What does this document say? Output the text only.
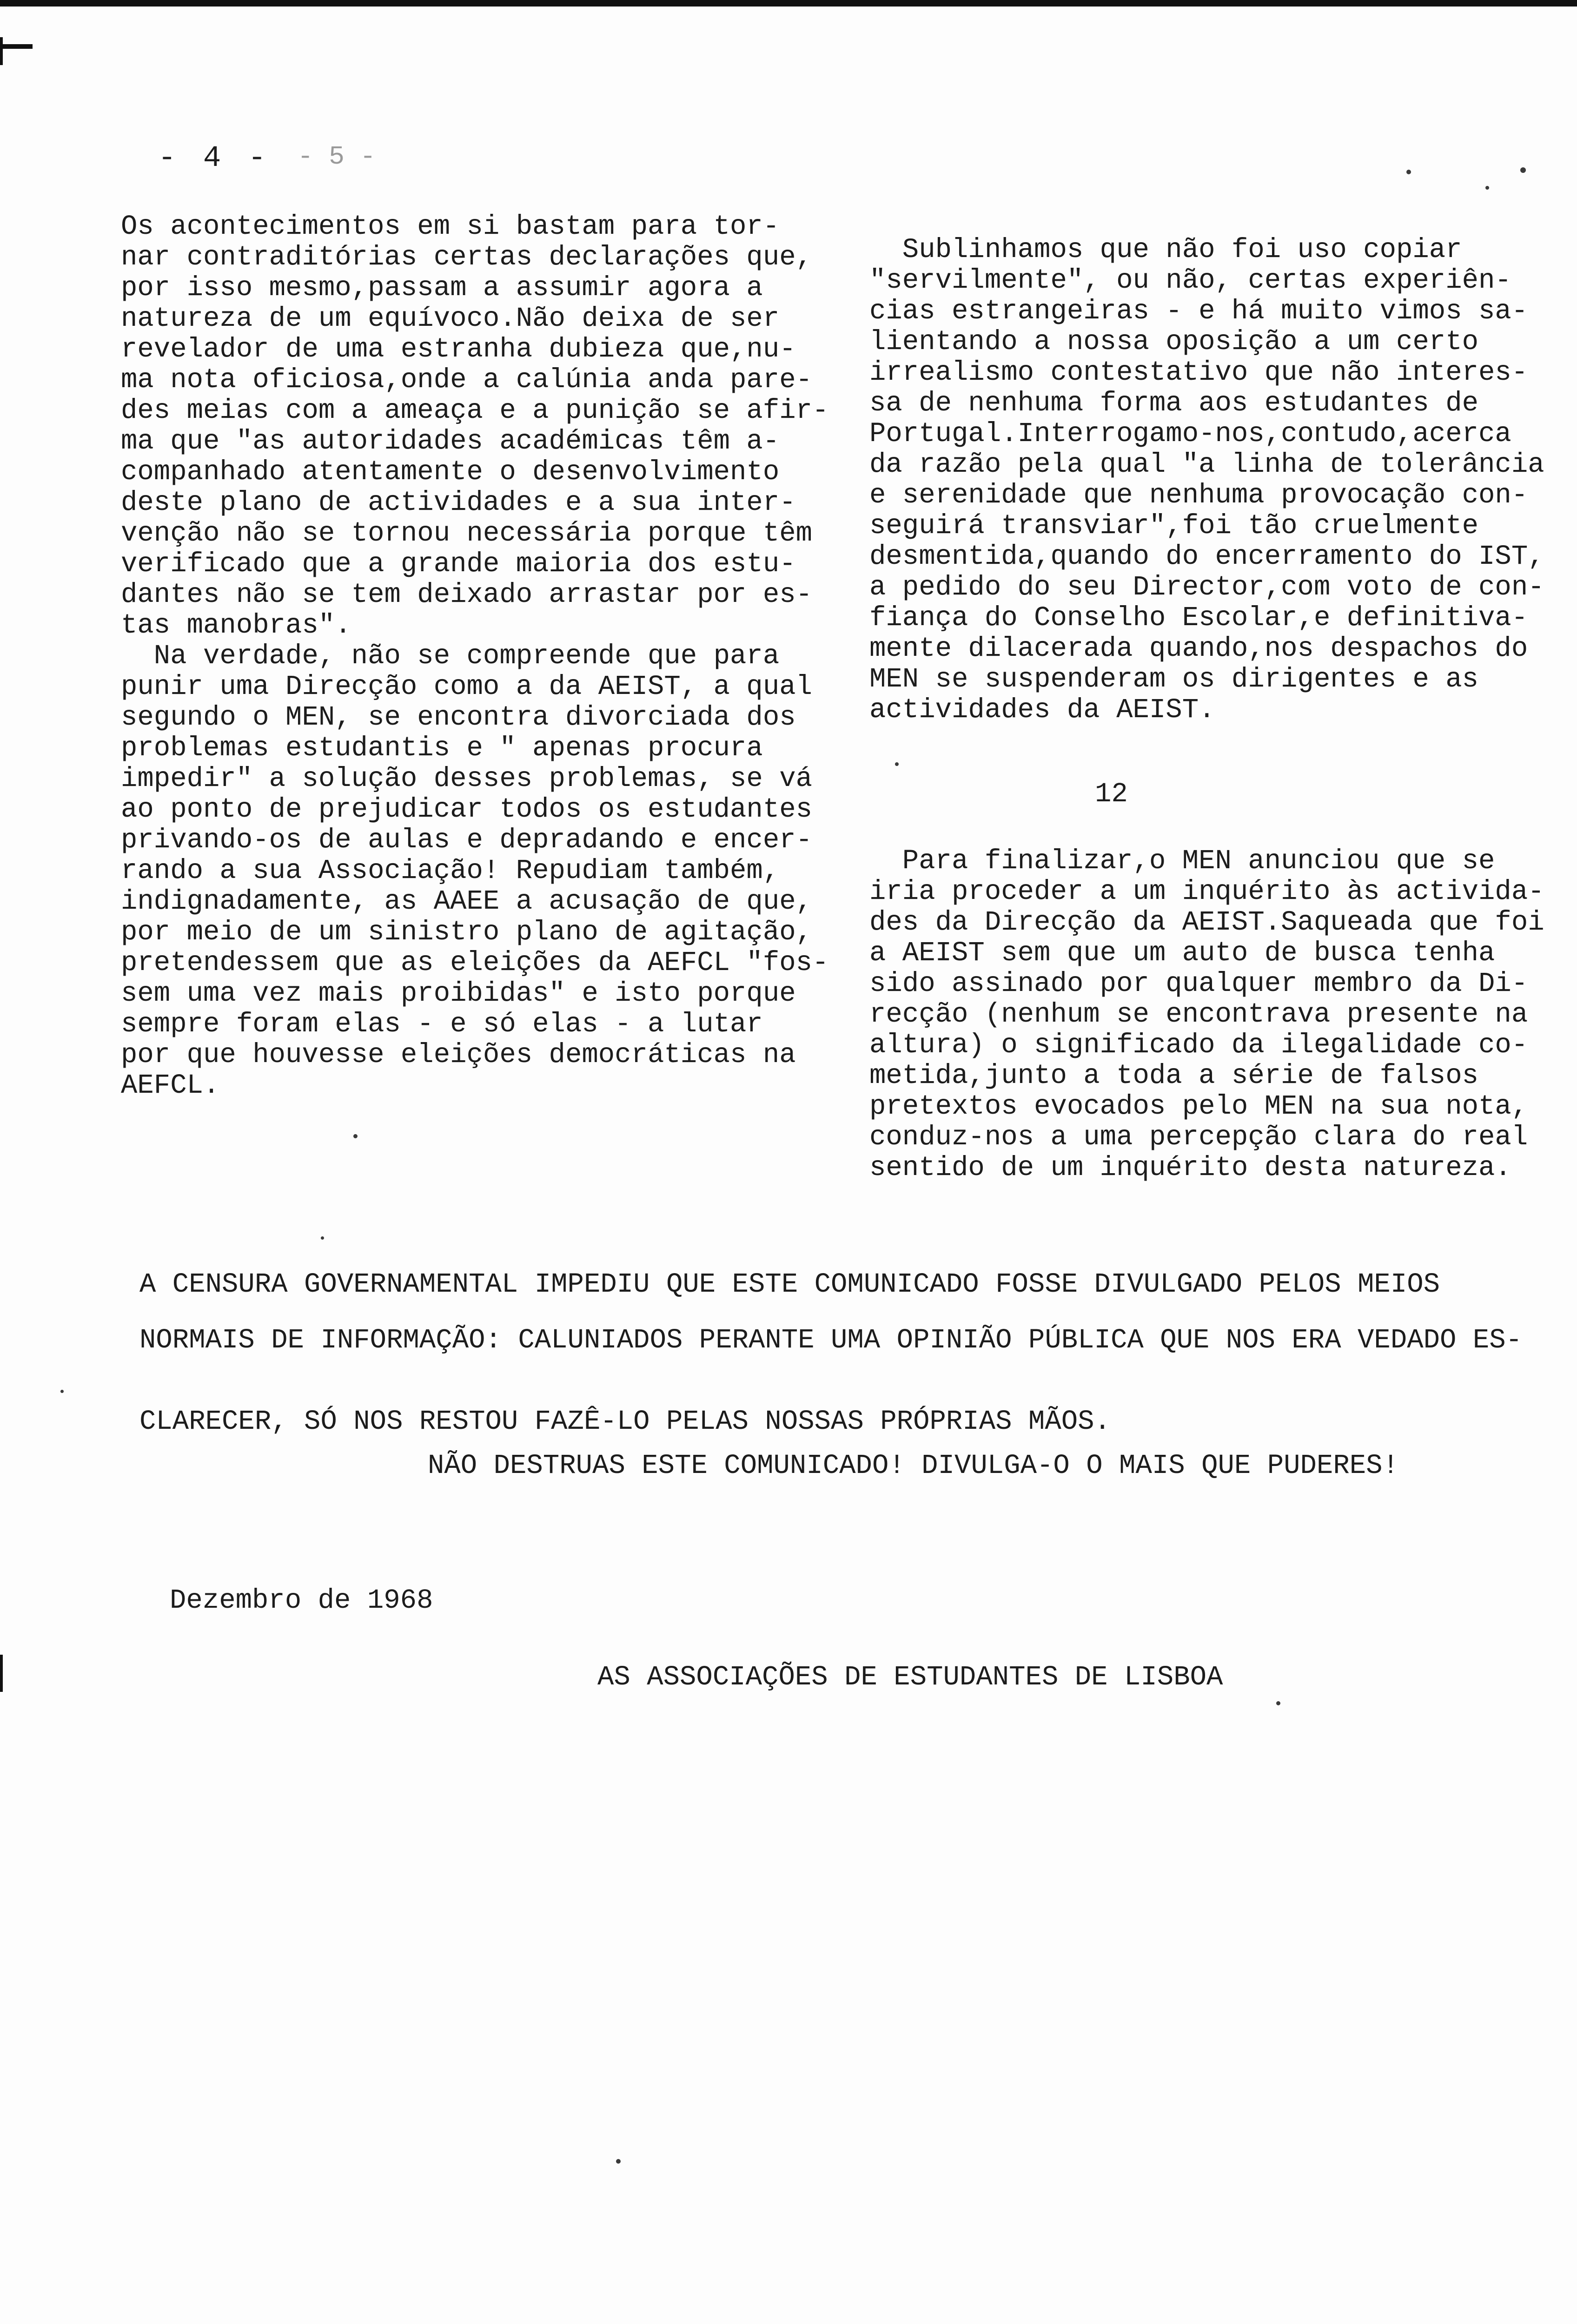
- 4 - - 5 -
Os acontecimentos em si bastam para tor-
nar contraditórias certas declarações que,
por isso mesmo,passam a assumir agora a
natureza de um equívoco.Não deixa de ser
revelador de uma estranha dubieza que,nu-
ma nota oficiosa,onde a calúnia anda pare-
des meias com a ameaça e a punição se afir-
ma que "as autoridades académicas têm a-
companhado atentamente o desenvolvimento
deste plano de actividades e a sua inter-
venção não se tornou necessária porque têm
verificado que a grande maioria dos estu-
dantes não se tem deixado arrastar por es-
tas manobras".
Na verdade, não se compreende que para
punir uma Direcção como a da AEIST, a qual
segundo o MEN, se encontra divorciada dos
problemas estudantis e " apenas procura
impedir" a solução desses problemas, se vá
ao ponto de prejudicar todos os estudantes
privando-os de aulas e depradando e encer-
rando a sua Associação! Repudiam também,
indignadamente, as AAEE a acusação de que,
por meio de um sinistro plano de agitação,
pretendessem que as eleições da AEFCL "fos-
sem uma vez mais proibidas" e isto porque
sempre foram elas - e só elas - a lutar
por que houvesse eleições democráticas na
AEFCL.
Sublinhamos que não foi uso copiar
"servilmente", ou não, certas experiên-
cias estrangeiras - e há muito vimos sa-
lientando a nossa oposição a um certo
irrealismo contestativo que não interes-
sa de nenhuma forma aos estudantes de
Portugal.Interrogamo-nos,contudo,acerca
da razão pela qual "a linha de tolerância
e serenidade que nenhuma provocação con-
seguirá transviar",foi tão cruelmente
desmentida,quando do encerramento do IST,
a pedido do seu Director,com voto de con-
fiança do Conselho Escolar,e definitiva-
mente dilacerada quando,nos despachos do
MEN se suspenderam os dirigentes e as
actividades da AEIST.
12
Para finalizar,o MEN anunciou que se
iria proceder a um inquérito às activida-
des da Direcção da AEIST.Saqueada que foi
a AEIST sem que um auto de busca tenha
sido assinado por qualquer membro da Di-
recção (nenhum se encontrava presente na
altura) o significado da ilegalidade co-
metida,junto a toda a série de falsos
pretextos evocados pelo MEN na sua nota,
conduz-nos a uma percepção clara do real
sentido de um inquérito desta natureza.
A CENSURA GOVERNAMENTAL IMPEDIU QUE ESTE COMUNICADO FOSSE DIVULGADO PELOS MEIOS
NORMAIS DE INFORMAÇÃO: CALUNIADOS PERANTE UMA OPINIÃO PÚBLICA QUE NOS ERA VEDADO ES-
CLARECER, SÓ NOS RESTOU FAZÊ-LO PELAS NOSSAS PRÓPRIAS MÃOS.
NÃO DESTRUAS ESTE COMUNICADO! DIVULGA-O O MAIS QUE PUDERES!
Dezembro de 1968
AS ASSOCIAÇÕES DE ESTUDANTES DE LISBOA
